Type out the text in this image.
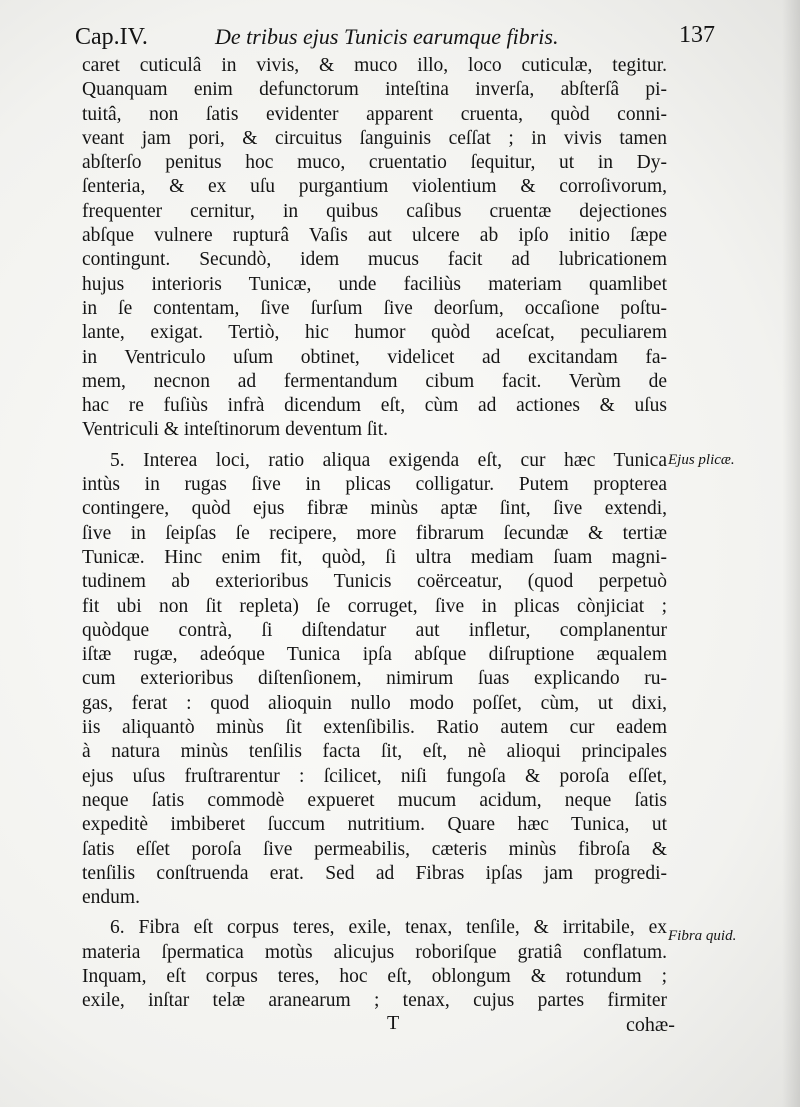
Cap.IV.	De tribus ejus Tunicis earumque fibris.	137
caret cuticulâ in vivis, & muco illo, loco cuticulæ, tegitur.
Quanquam enim defunctorum inteſtina inverſa, abſterſâ pi-
tuitâ, non ſatis evidenter apparent cruenta, quòd conni-
veant jam pori, & circuitus ſanguinis ceſſat ; in vivis tamen
abſterſo penitus hoc muco, cruentatio ſequitur, ut in Dy-
ſenteria, & ex uſu purgantium violentium & corroſivorum,
frequenter cernitur, in quibus caſibus cruentæ dejectiones
abſque vulnere rupturâ Vaſis aut ulcere ab ipſo initio ſæpe
contingunt. Secundò, idem mucus facit ad lubricationem
hujus interioris Tunicæ, unde faciliùs materiam quamlibet
in ſe contentam, ſive ſurſum ſive deorſum, occaſione poſtu-
lante, exigat. Tertiò, hic humor quòd aceſcat, peculiarem
in Ventriculo uſum obtinet, videlicet ad excitandam fa-
mem, necnon ad fermentandum cibum facit. Verùm de
hac re fuſiùs infrà dicendum eſt, cùm ad actiones & uſus
Ventriculi & inteſtinorum deventum ſit.
5. Interea loci, ratio aliqua exigenda eſt, cur hæc Tunica
intùs in rugas ſive in plicas colligatur. Putem propterea
contingere, quòd ejus fibræ minùs aptæ ſint, ſive extendi,
ſive in ſeipſas ſe recipere, more fibrarum ſecundæ & tertiæ
Tunicæ. Hinc enim fit, quòd, ſi ultra mediam ſuam magni-
tudinem ab exterioribus Tunicis coërceatur, (quod perpetuò
fit ubi non ſit repleta) ſe corruget, ſive in plicas cònjiciat ;
quòdque contrà, ſi diſtendatur aut infletur, complanentur
iſtæ rugæ, adeóque Tunica ipſa abſque diſruptione æqualem
cum exterioribus diſtenſionem, nimirum ſuas explicando ru-
gas, ferat : quod alioquin nullo modo poſſet, cùm, ut dixi,
iis aliquantò minùs ſit extenſibilis. Ratio autem cur eadem
à natura minùs tenſilis facta ſit, eſt, nè alioqui principales
ejus uſus fruſtrarentur : ſcilicet, niſi fungoſa & poroſa eſſet,
neque ſatis commodè expueret mucum acidum, neque ſatis
expeditè imbiberet ſuccum nutritium. Quare hæc Tunica, ut
ſatis eſſet poroſa ſive permeabilis, cæteris minùs fibroſa &
tenſilis conſtruenda erat. Sed ad Fibras ipſas jam progredi-
endum.
6. Fibra eſt corpus teres, exile, tenax, tenſile, & irritabile, ex
materia ſpermatica motùs alicujus roboriſque gratiâ conflatum.
Inquam, eſt corpus teres, hoc eſt, oblongum & rotundum ;
exile, inſtar telæ aranearum ; tenax, cujus partes firmiter
Ejus plicæ.
Fibra quid.
T	cohæ-
